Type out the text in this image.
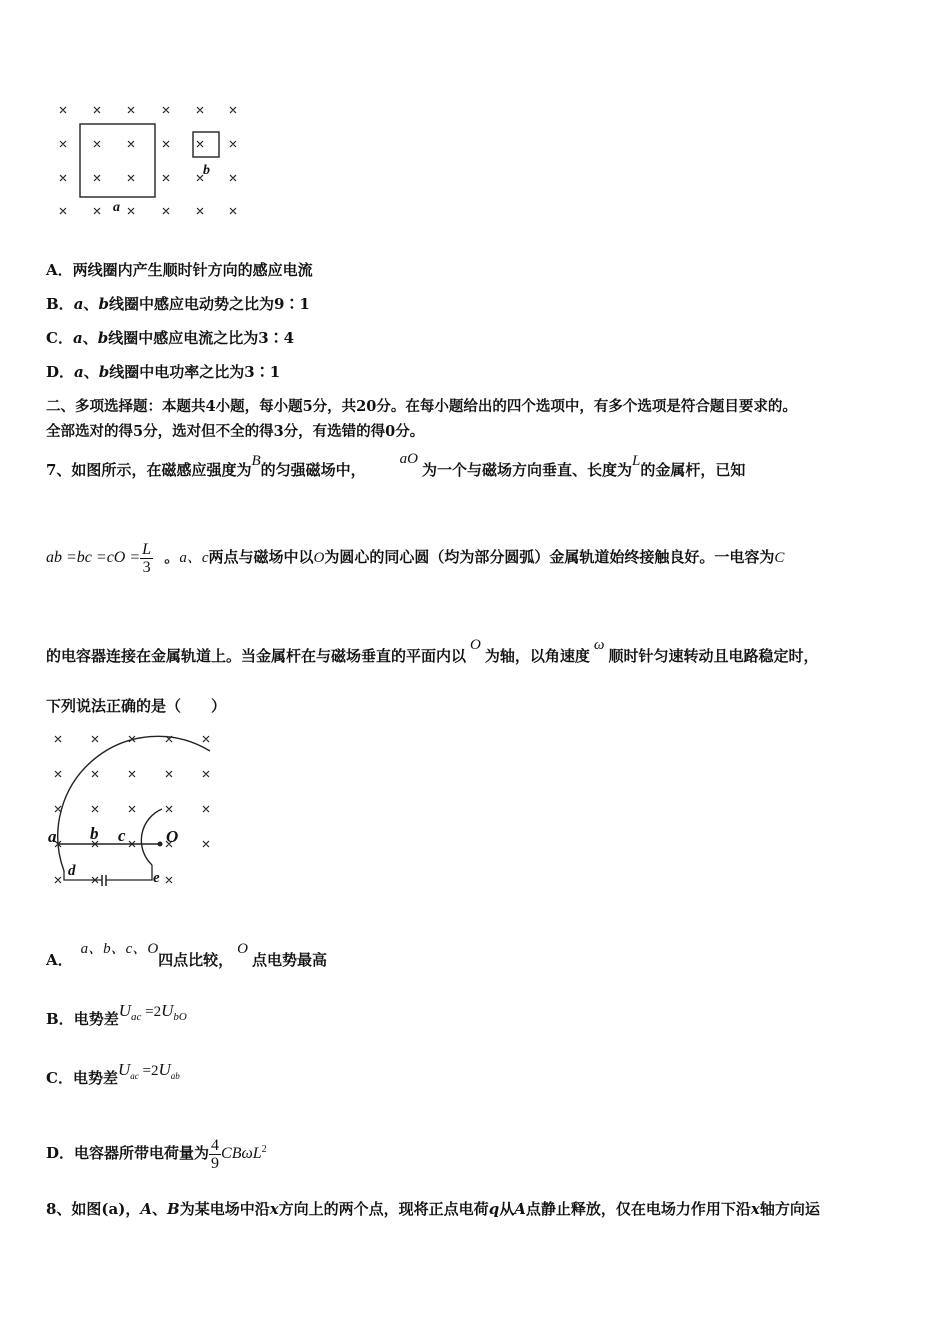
a
b
A．两线圈内产生顺时针方向的感应电流
B．a、b线圈中感应电动势之比为9∶1
C．a、b线圈中感应电流之比为3∶4
D．a、b线圈中电功率之比为3∶1
二、多项选择题：本题共4小题，每小题5分，共20分。在每小题给出的四个选项中，有多个选项是符合题目要求的。
全部选对的得5分，选对但不全的得3分，有选错的得0分。
7、如图所示，在磁感应强度为B的匀强磁场中，aO为一个与磁场方向垂直、长度为L的金属杆，已知
ab $=bc =cO = \frac{L}{3}$ 。a、c两点与磁场中以O为圆心的同心圆（均为部分圆弧）金属轨道始终接触良好。一电容为C
的电容器连接在金属轨道上。当金属杆在与磁场垂直的平面内以O为轴，以角速度ω顺时针匀速转动且电路稳定时，
下列说法正确的是（　　）
a b c O
d	e
A．a、b、c、O四点比较，O点电势最高
B．电势差$U_{ac} =2U_{bO}$
C．电势差$U_{ac} =2U_{ab}$
D．电容器所带电荷量为 $\frac{4}{9} CB\omega L^2$
8、如图(a)，A、B为某电场中沿x方向上的两个点，现将正点电荷q从A点静止释放，仅在电场力作用下沿x轴方向运
